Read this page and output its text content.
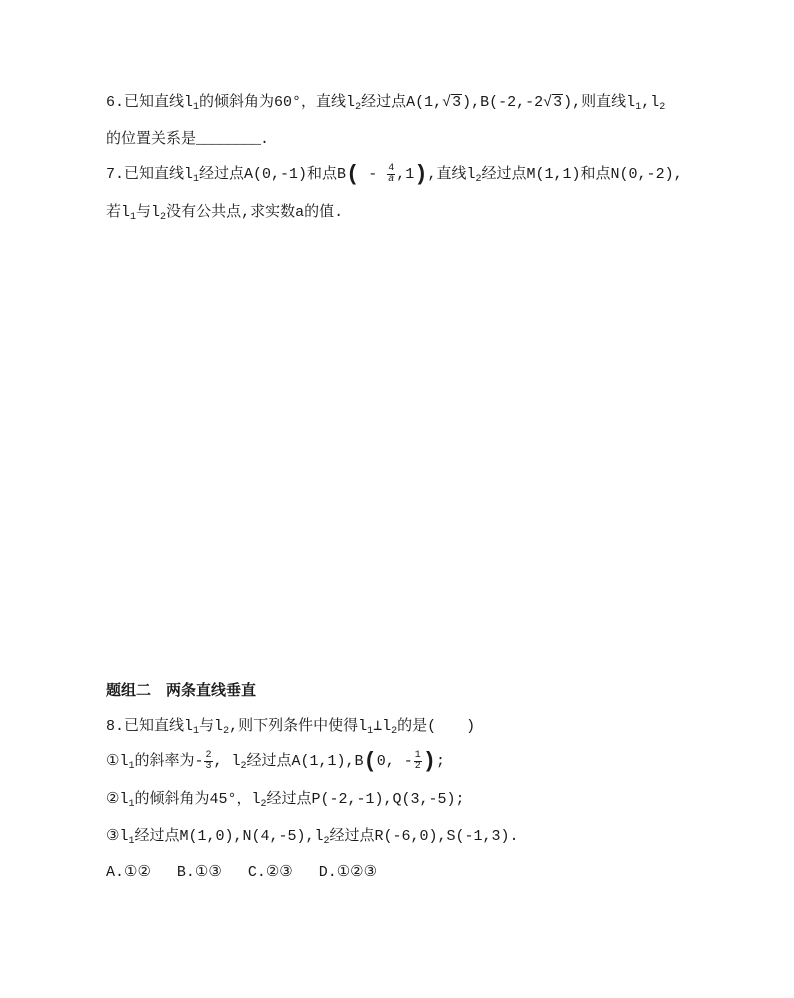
6.已知直线$l_1$的倾斜角为60°，直线$l_2$经过点A(1,√3),B(-2,-2√3),则直线$l_1,l_2$
的位置关系是________.
7.已知直线$l_1$经过点A(0,-1)和点$B( - \frac{4}{a} ,1)$,直线$l_2$经过点M(1,1)和点N(0,-2),
若$l_1$与$l_2$没有公共点,求实数a的值.
题组二　两条直线垂直
8.已知直线$l_1$与$l_2$,则下列条件中使得$l_1\perp l_2$的是(　　)
$①l_1$的斜率为- $\frac{2}{3}$ , $l_2$经过点A(1,1),B(0, - $\frac{1}{2}$ );
$②l_1$的倾斜角为45°，$l_2$经过点P(-2,-1),Q(3,-5);
$③l_1$经过点$M(1,0),N(4,-5),l_2$经过点R(-6,0),S(-1,3).
A.①② B.①③ C.②③ D.①②③
